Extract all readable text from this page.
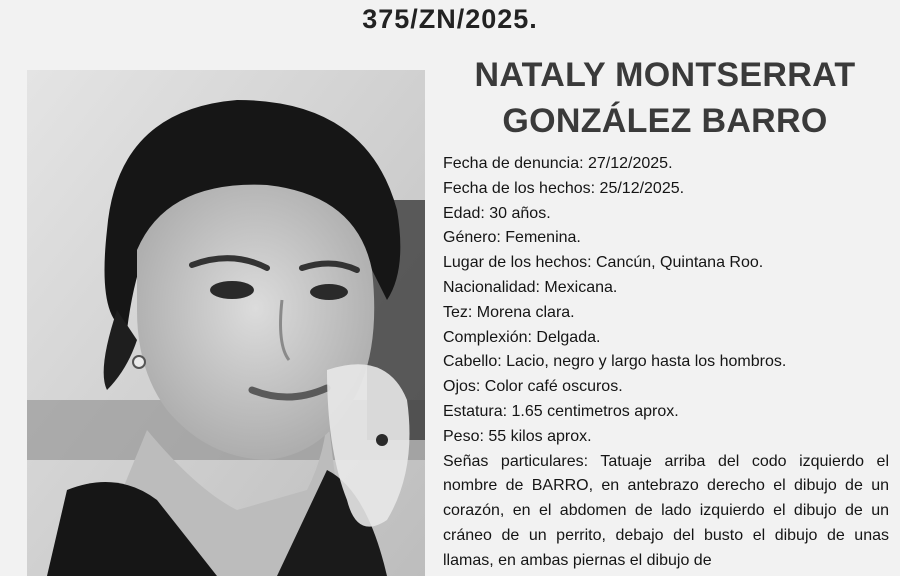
375/ZN/2025.
NATALY MONTSERRAT
GONZÁLEZ BARRO
Fecha de denuncia: 27/12/2025.
Fecha de los hechos: 25/12/2025.
Edad: 30 años.
Género: Femenina.
Lugar de los hechos: Cancún, Quintana Roo.
Nacionalidad: Mexicana.
Tez: Morena clara.
Complexión: Delgada.
Cabello: Lacio, negro y largo hasta los hombros.
Ojos: Color café oscuros.
Estatura: 1.65 centimetros aprox.
Peso: 55 kilos aprox.
Señas particulares: Tatuaje arriba del codo izquierdo el nombre de BARRO, en antebrazo derecho el dibujo de un corazón, en el abdomen de lado izquierdo el dibujo de un cráneo de un perrito, debajo del busto el dibujo de unas llamas, en ambas piernas el dibujo de
